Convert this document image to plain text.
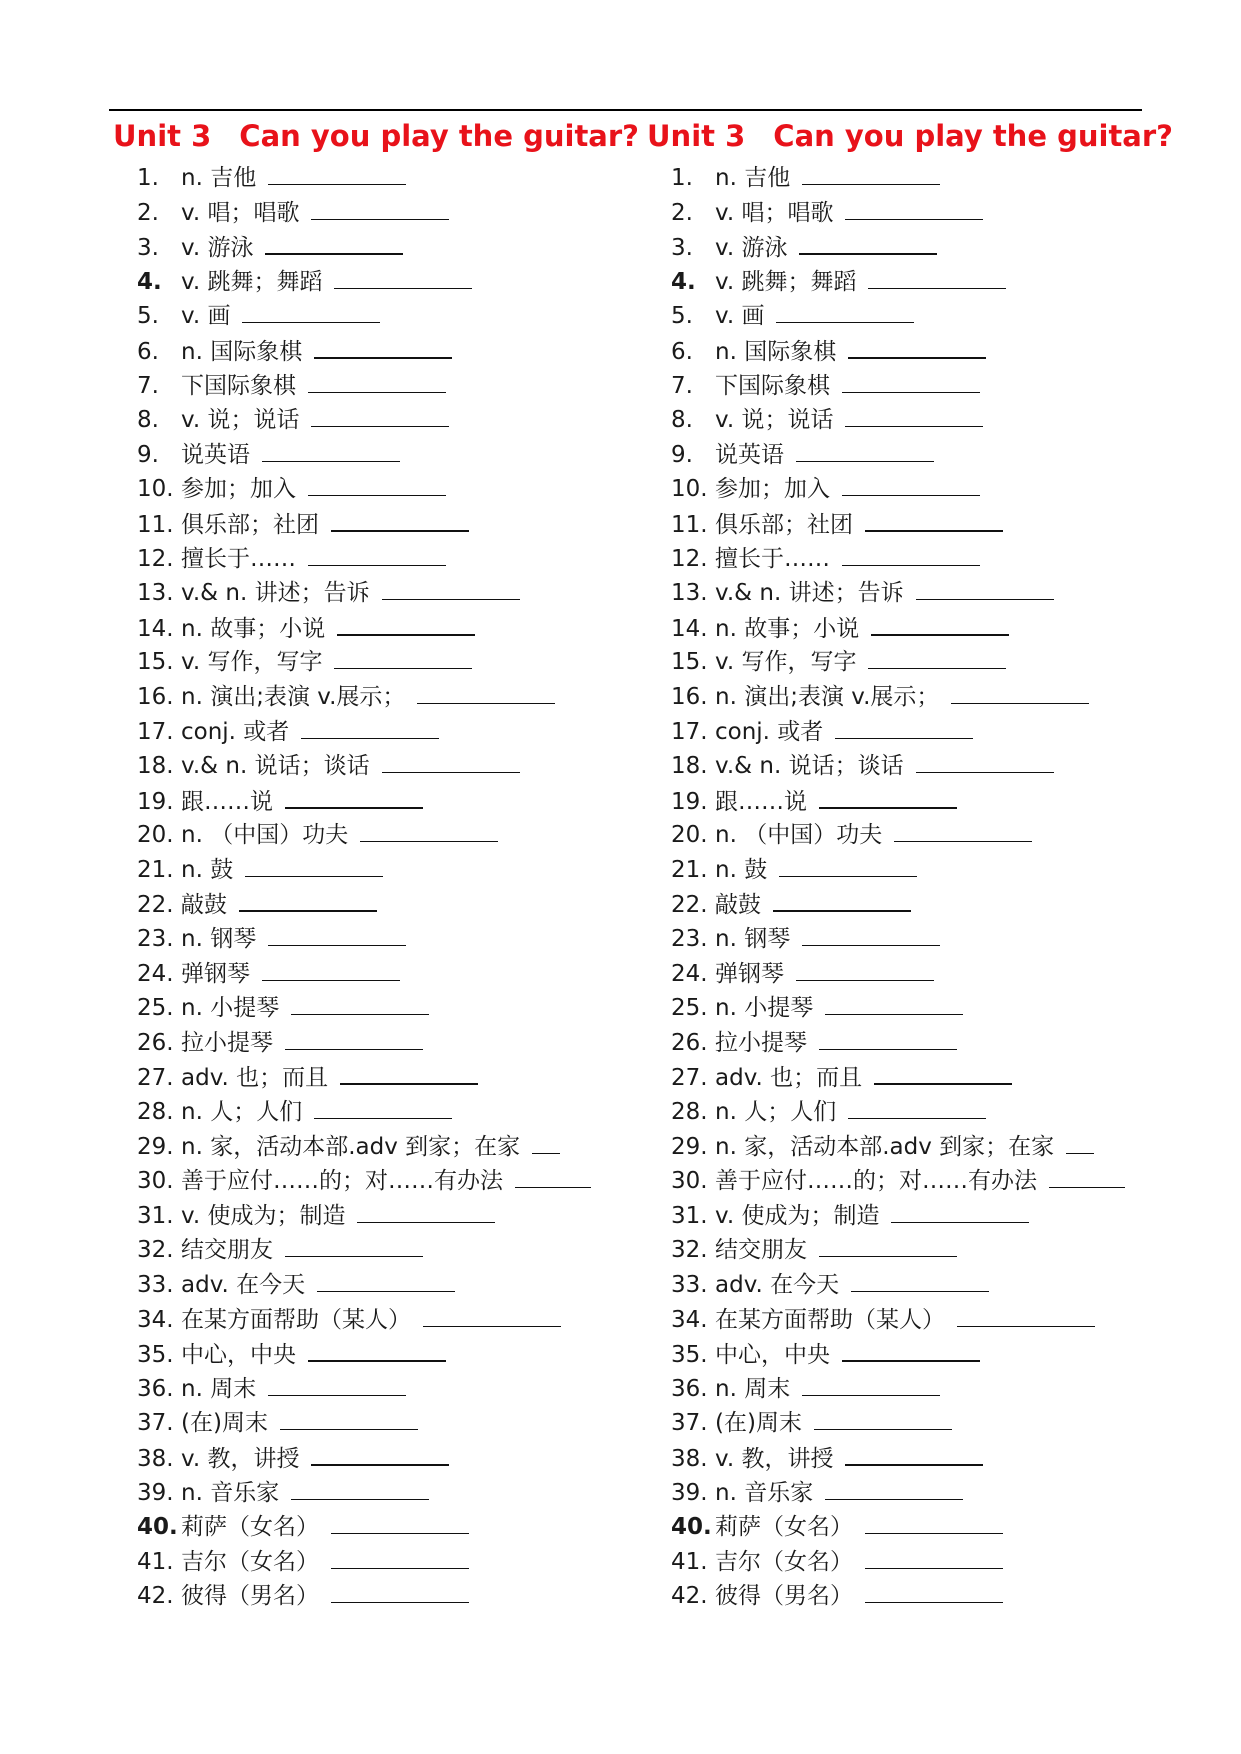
Unit 3 Can you play the guitar?
1. n. 吉他
2. v. 唱；唱歌
3. v. 游泳
4. v. 跳舞；舞蹈
5. v. 画
6. n. 国际象棋
7. 下国际象棋
8. v. 说；说话
9. 说英语
10. 参加；加入
11. 俱乐部；社团
12. 擅长于……
13. v.& n. 讲述；告诉
14. n. 故事；小说
15. v. 写作，写字
16. n. 演出;表演 v.展示；
17. conj. 或者
18. v.& n. 说话；谈话
19. 跟……说
20. n. （中国）功夫
21. n. 鼓
22. 敲鼓
23. n. 钢琴
24. 弹钢琴
25. n. 小提琴
26. 拉小提琴
27. adv. 也；而且
28. n. 人；人们
29. n. 家，活动本部.adv 到家；在家
30. 善于应付……的；对……有办法
31. v. 使成为；制造
32. 结交朋友
33. adv. 在今天
34. 在某方面帮助（某人）
35. 中心，中央
36. n. 周末
37. (在)周末
38. v. 教，讲授
39. n. 音乐家
40. 莉萨（女名）
41. 吉尔（女名）
42. 彼得（男名）
Unit 3 Can you play the guitar?
1. n. 吉他
2. v. 唱；唱歌
3. v. 游泳
4. v. 跳舞；舞蹈
5. v. 画
6. n. 国际象棋
7. 下国际象棋
8. v. 说；说话
9. 说英语
10. 参加；加入
11. 俱乐部；社团
12. 擅长于……
13. v.& n. 讲述；告诉
14. n. 故事；小说
15. v. 写作，写字
16. n. 演出;表演 v.展示；
17. conj. 或者
18. v.& n. 说话；谈话
19. 跟……说
20. n. （中国）功夫
21. n. 鼓
22. 敲鼓
23. n. 钢琴
24. 弹钢琴
25. n. 小提琴
26. 拉小提琴
27. adv. 也；而且
28. n. 人；人们
29. n. 家，活动本部.adv 到家；在家
30. 善于应付……的；对……有办法
31. v. 使成为；制造
32. 结交朋友
33. adv. 在今天
34. 在某方面帮助（某人）
35. 中心，中央
36. n. 周末
37. (在)周末
38. v. 教，讲授
39. n. 音乐家
40. 莉萨（女名）
41. 吉尔（女名）
42. 彼得（男名）
